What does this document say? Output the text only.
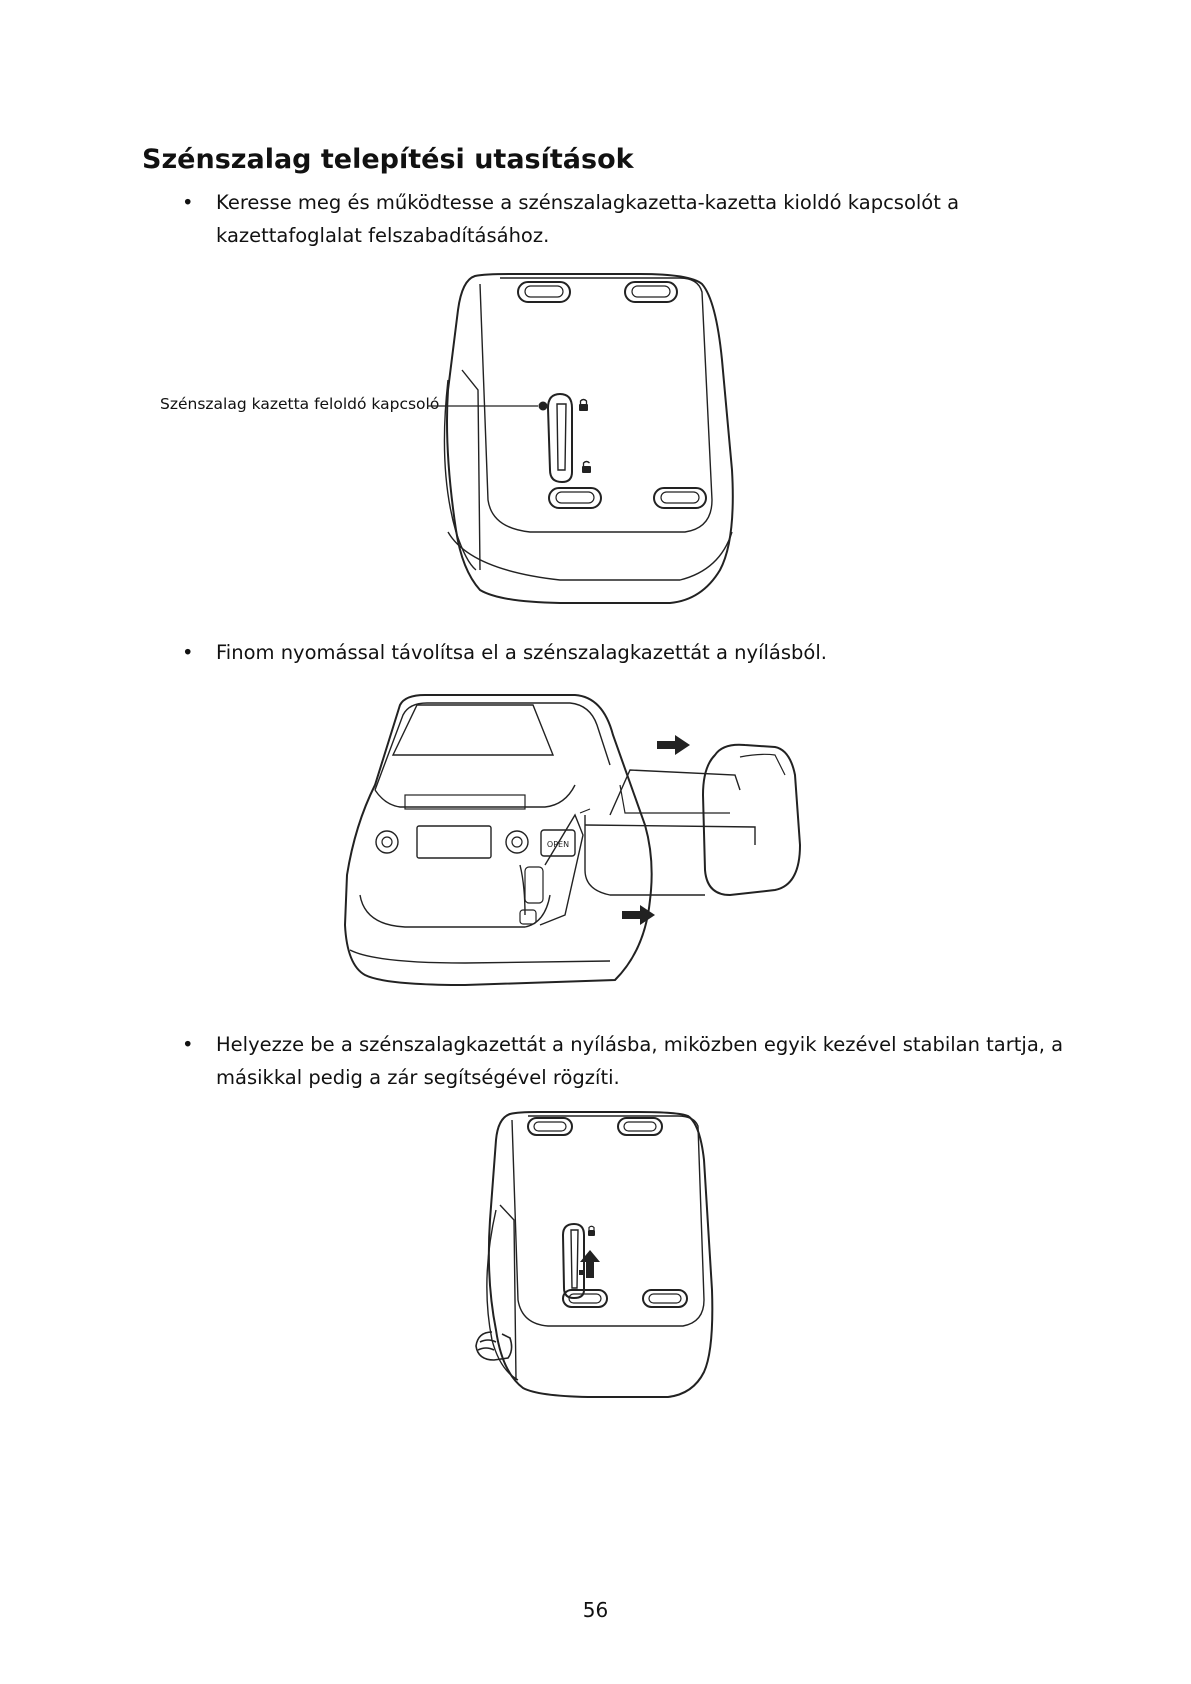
Szénszalag telepítési utasítások
• Keresse meg és működtesse a szénszalagkazetta-kazetta kioldó kapcsolót a
kazettafoglalat felszabadításához.
Szénszalag kazetta feloldó kapcsoló
• Finom nyomással távolítsa el a szénszalagkazettát a nyílásból.
OPEN
• Helyezze be a szénszalagkazettát a nyílásba, miközben egyik kezével stabilan tartja, a
másikkal pedig a zár segítségével rögzíti.
56
